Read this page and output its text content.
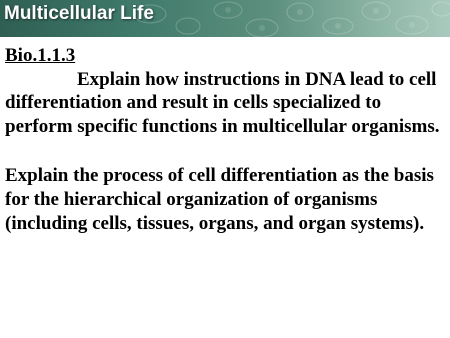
Multicellular Life

Bio.1.1.3

Explain how instructions in DNA lead to cell differentiation and result in cells specialized to perform specific functions in multicellular organisms.

Explain the process of cell differentiation as the basis for the hierarchical organization of organisms (including cells, tissues, organs, and organ systems).
